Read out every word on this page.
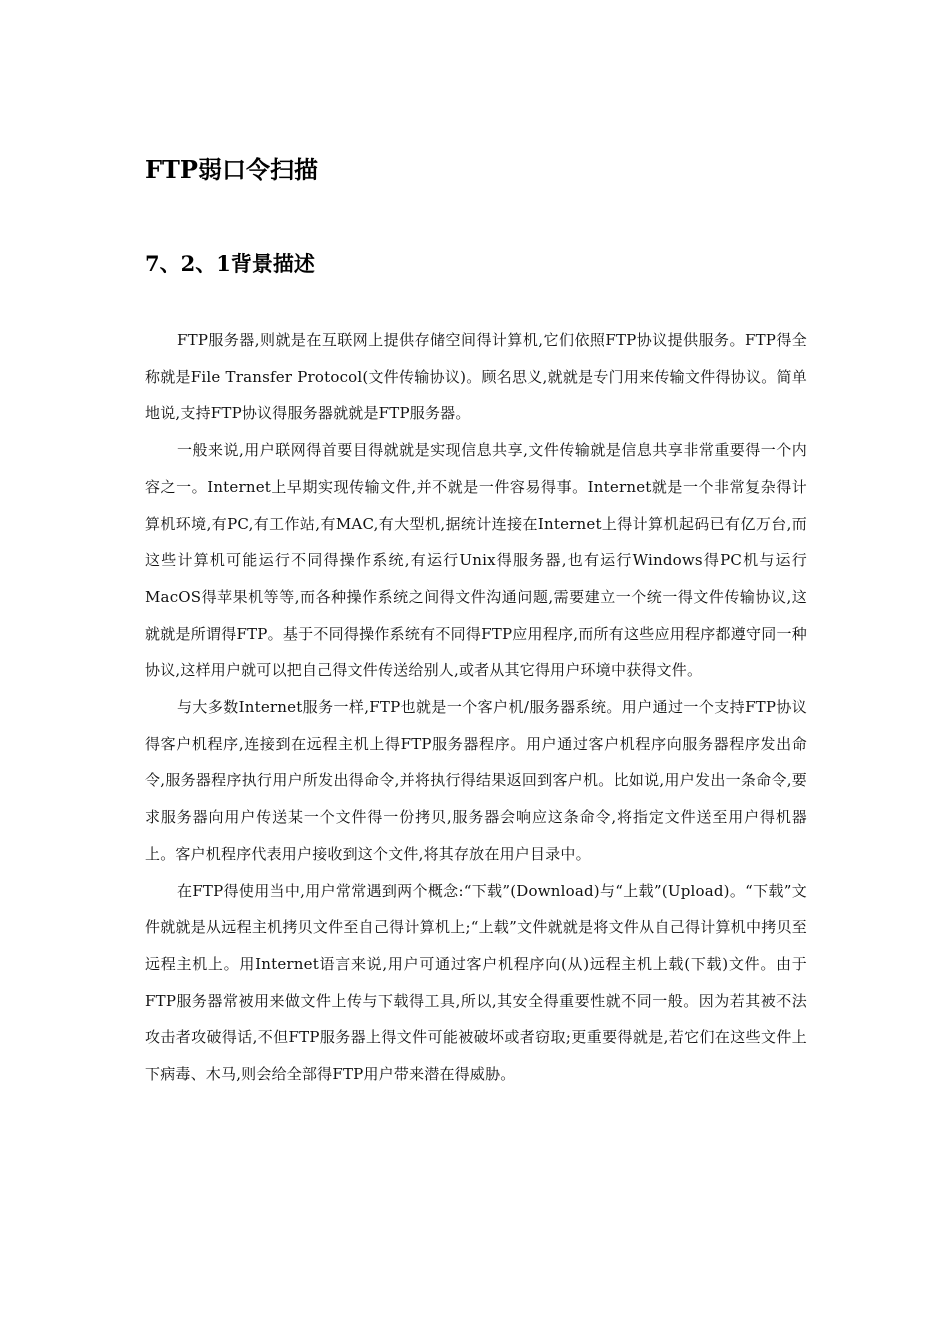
FTP弱口令扫描
7、2、1背景描述

FTP服务器,则就是在互联网上提供存储空间得计算机,它们依照FTP协议提供服务。FTP得全称就是File Transfer Protocol(文件传输协议)。顾名思义,就就是专门用来传输文件得协议。简单地说,支持FTP协议得服务器就就是FTP服务器。

一般来说,用户联网得首要目得就就是实现信息共享,文件传输就是信息共享非常重要得一个内容之一。Internet上早期实现传输文件,并不就是一件容易得事。Internet就是一个非常复杂得计算机环境,有PC,有工作站,有MAC,有大型机,据统计连接在Internet上得计算机起码已有亿万台,而这些计算机可能运行不同得操作系统,有运行Unix得服务器,也有运行Windows得PC机与运行MacOS得苹果机等等,而各种操作系统之间得文件沟通问题,需要建立一个统一得文件传输协议,这就就是所谓得FTP。基于不同得操作系统有不同得FTP应用程序,而所有这些应用程序都遵守同一种协议,这样用户就可以把自己得文件传送给别人,或者从其它得用户环境中获得文件。

与大多数Internet服务一样,FTP也就是一个客户机/服务器系统。用户通过一个支持FTP协议得客户机程序,连接到在远程主机上得FTP服务器程序。用户通过客户机程序向服务器程序发出命令,服务器程序执行用户所发出得命令,并将执行得结果返回到客户机。比如说,用户发出一条命令,要求服务器向用户传送某一个文件得一份拷贝,服务器会响应这条命令,将指定文件送至用户得机器上。客户机程序代表用户接收到这个文件,将其存放在用户目录中。

在FTP得使用当中,用户常常遇到两个概念:“下载”(Download)与“上载”(Upload)。“下载”文件就就是从远程主机拷贝文件至自己得计算机上;“上载”文件就就是将文件从自己得计算机中拷贝至远程主机上。用Internet语言来说,用户可通过客户机程序向(从)远程主机上载(下载)文件。由于FTP服务器常被用来做文件上传与下载得工具,所以,其安全得重要性就不同一般。因为若其被不法攻击者攻破得话,不但FTP服务器上得文件可能被破坏或者窃取;更重要得就是,若它们在这些文件上下病毒、木马,则会给全部得FTP用户带来潜在得威胁。
